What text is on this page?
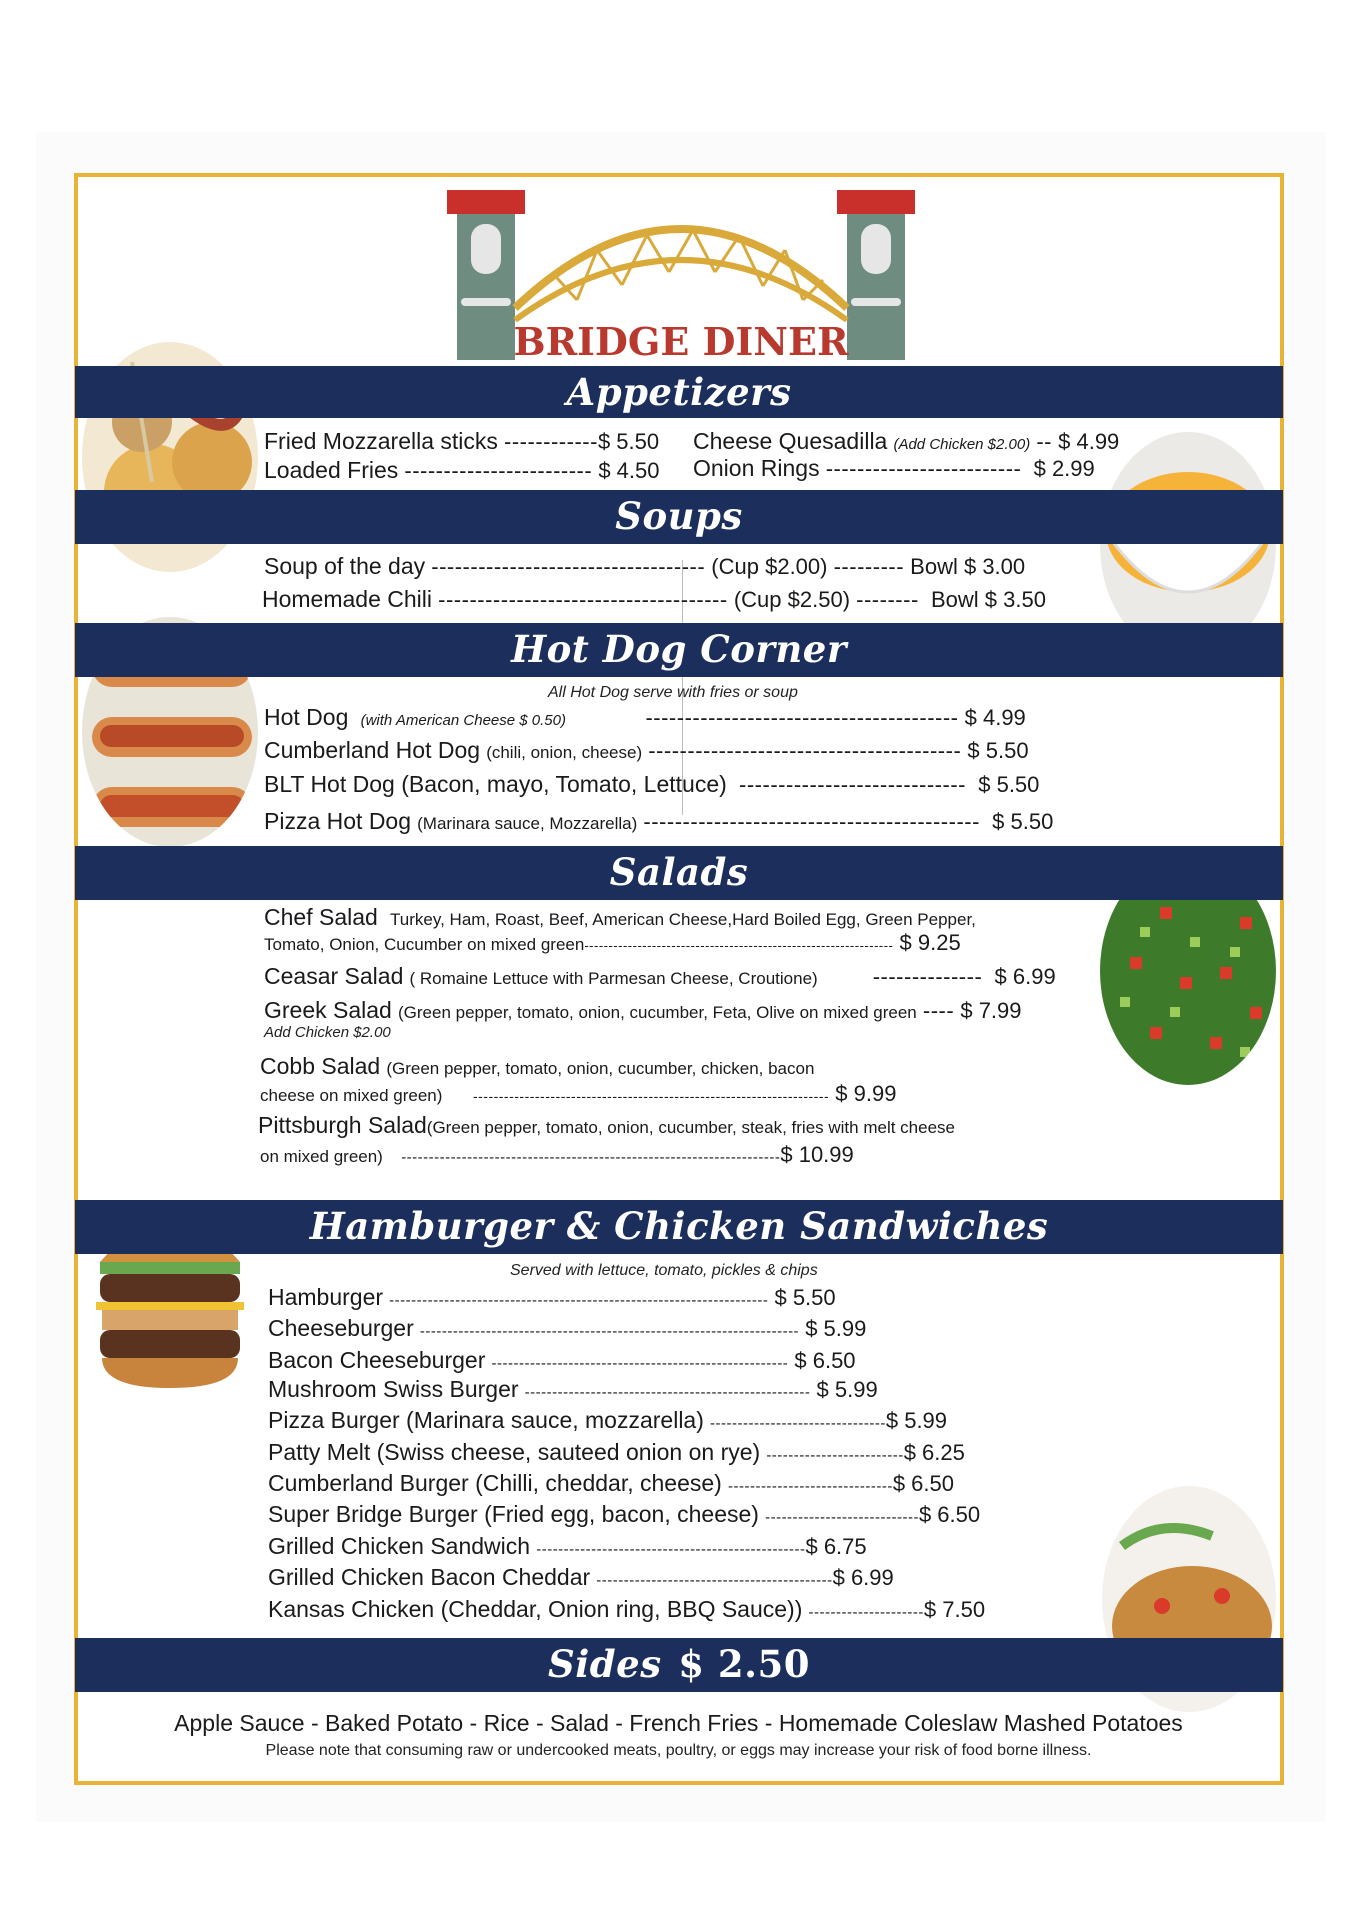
BRIDGE DINER
Appetizers
Fried Mozzarella sticks ------------$ 5.50
Loaded Fries ------------------------ $ 4.50
Cheese Quesadilla (Add Chicken $2.00) -- $ 4.99
Onion Rings ------------------------- $ 2.99
Soups
Soup of the day ----------------------------------- (Cup $2.00) --------- Bowl $ 3.00
Homemade Chili ------------------------------------- (Cup $2.50) -------- Bowl $ 3.50
Hot Dog Corner
All Hot Dog serve with fries or soup
Hot Dog (with American Cheese $ 0.50)	---------------------------------------- $ 4.99
Cumberland Hot Dog (chili, onion, cheese) ---------------------------------------- $ 5.50
BLT Hot Dog (Bacon, mayo, Tomato, Lettuce) ----------------------------- $ 5.50
Pizza Hot Dog (Marinara sauce, Mozzarella) ------------------------------------------- $ 5.50
Salads
Chef Salad Turkey, Ham, Roast, Beef, American Cheese,Hard Boiled Egg, Green Pepper,
Tomato, Onion, Cucumber on mixed green---------------------------------------------------------------- $ 9.25
Ceasar Salad ( Romaine Lettuce with Parmesan Cheese, Croutione)	-------------- $ 6.99
Greek Salad (Green pepper, tomato, onion, cucumber, Feta, Olive on mixed green ---- $ 7.99
Add Chicken $2.00
Cobb Salad (Green pepper, tomato, onion, cucumber, chicken, bacon
cheese on mixed green) --------------------------------------------------------------------- $ 9.99
Pittsburgh Salad(Green pepper, tomato, onion, cucumber, steak, fries with melt cheese
on mixed green) ---------------------------------------------------------------------$ 10.99
Hamburger & Chicken Sandwiches
Served with lettuce, tomato, pickles & chips
Hamburger --------------------------------------------------------------------- $ 5.50
Cheeseburger --------------------------------------------------------------------- $ 5.99
Bacon Cheeseburger ------------------------------------------------------ $ 6.50
Mushroom Swiss Burger ---------------------------------------------------- $ 5.99
Pizza Burger (Marinara sauce, mozzarella) --------------------------------$ 5.99
Patty Melt (Swiss cheese, sauteed onion on rye) -------------------------$ 6.25
Cumberland Burger (Chilli, cheddar, cheese) ------------------------------$ 6.50
Super Bridge Burger (Fried egg, bacon, cheese) ----------------------------$ 6.50
Grilled Chicken Sandwich -------------------------------------------------$ 6.75
Grilled Chicken Bacon Cheddar -------------------------------------------$ 6.99
Kansas Chicken (Cheddar, Onion ring, BBQ Sauce)) ---------------------$ 7.50
Sides $ 2.50
Apple Sauce - Baked Potato - Rice - Salad - French Fries - Homemade Coleslaw Mashed Potatoes
Please note that consuming raw or undercooked meats, poultry, or eggs may increase your risk of food borne illness.
